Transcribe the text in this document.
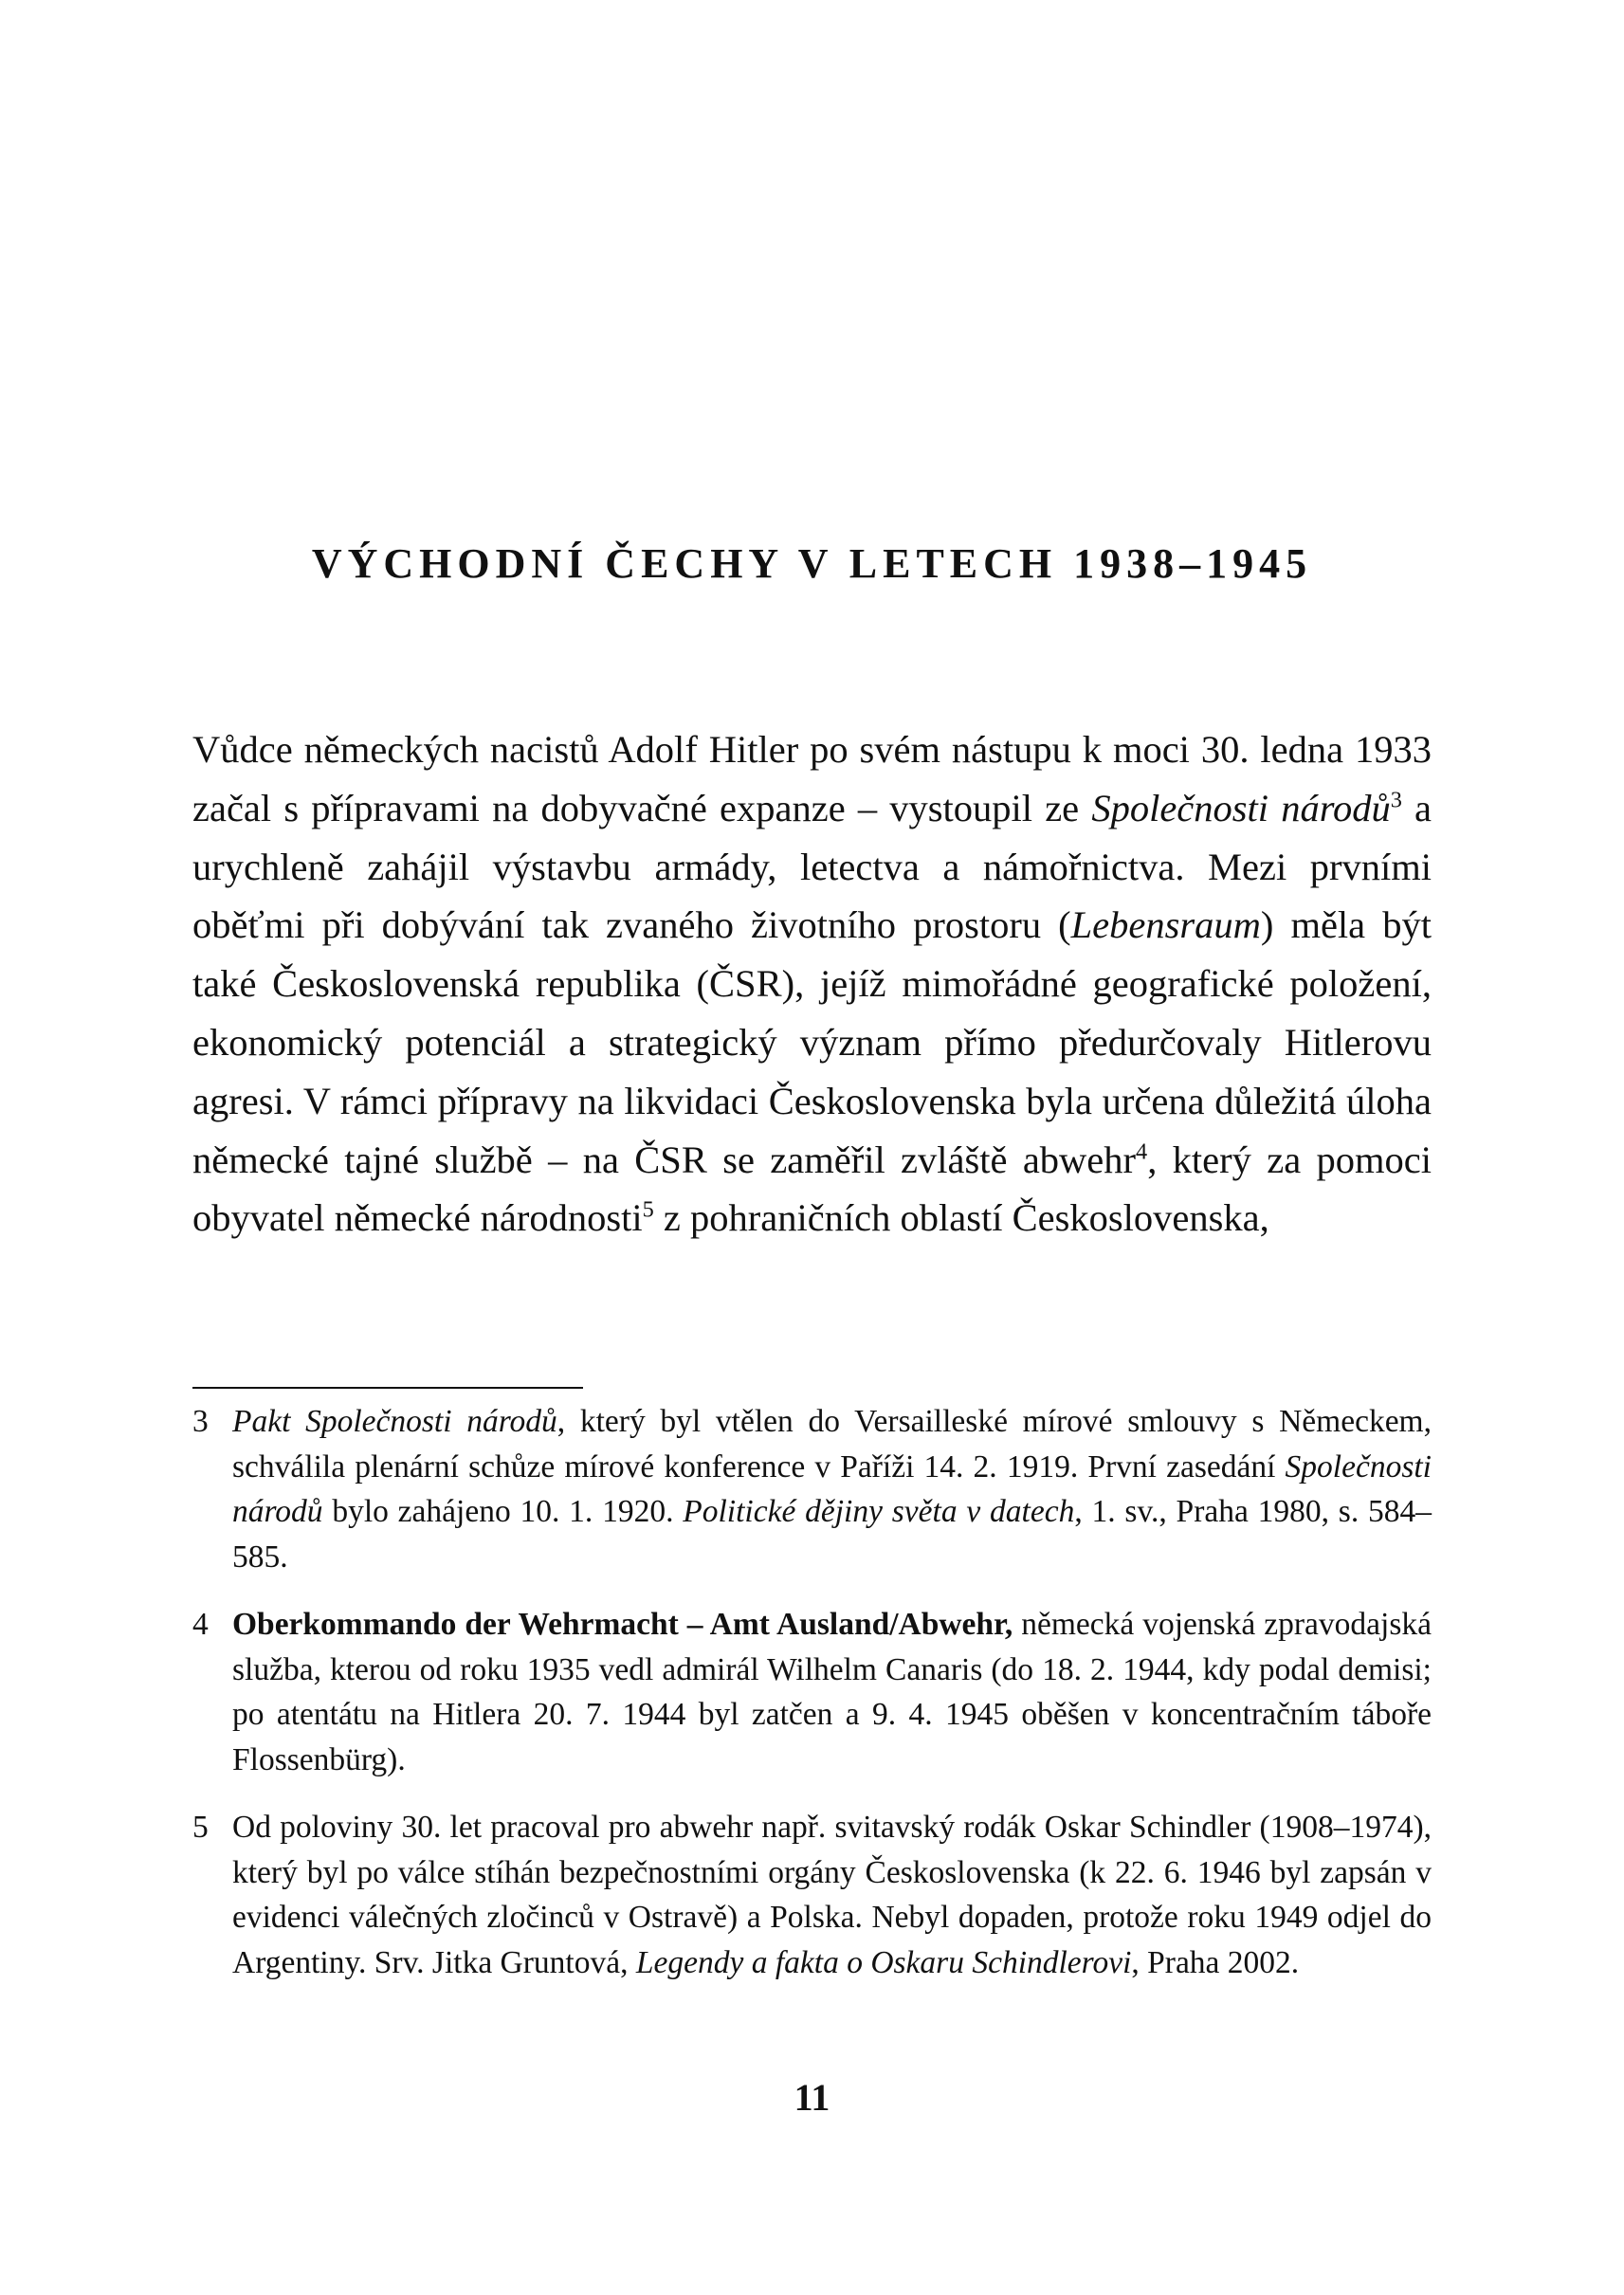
VÝCHODNÍ ČECHY V LETECH 1938–1945

Vůdce německých nacistů Adolf Hitler po svém nástupu k moci 30. ledna 1933 začal s přípravami na dobyvačné expanze – vystoupil ze Společnosti národů$^3$ a urychleně zahájil výstavbu armády, letectva a námořnictva. Mezi prvními oběťmi při dobývání tak zvaného životního prostoru (Lebensraum) měla být také Československá republika (ČSR), jejíž mimořádné geografické položení, ekonomický potenciál a strategický význam přímo předurčovaly Hitlerovu agresi. V rámci přípravy na likvidaci Československa byla určena důležitá úloha německé tajné službě – na ČSR se zaměřil zvláště abwehr$^4$, který za pomoci obyvatel německé národnosti$^5$ z pohraničních oblastí Československa,

3 Pakt Společnosti národů, který byl vtělen do Versailleské mírové smlouvy s Německem, schválila plenární schůze mírové konference v Paříži 14. 2. 1919. První zasedání Společnosti národů bylo zahájeno 10. 1. 1920. Politické dějiny světa v datech, 1. sv., Praha 1980, s. 584–585.
4 Oberkommando der Wehrmacht – Amt Ausland/Abwehr, německá vojenská zpravodajská služba, kterou od roku 1935 vedl admirál Wilhelm Canaris (do 18. 2. 1944, kdy podal demisi; po atentátu na Hitlera 20. 7. 1944 byl zatčen a 9. 4. 1945 oběšen v koncentračním táboře Flossenbürg).
5 Od poloviny 30. let pracoval pro abwehr např. svitavský rodák Oskar Schindler (1908–1974), který byl po válce stíhán bezpečnostními orgány Československa (k 22. 6. 1946 byl zapsán v evidenci válečných zločinců v Ostravě) a Polska. Nebyl dopaden, protože roku 1949 odjel do Argentiny. Srv. Jitka Gruntová, Legendy a fakta o Oskaru Schindlerovi, Praha 2002.
11
